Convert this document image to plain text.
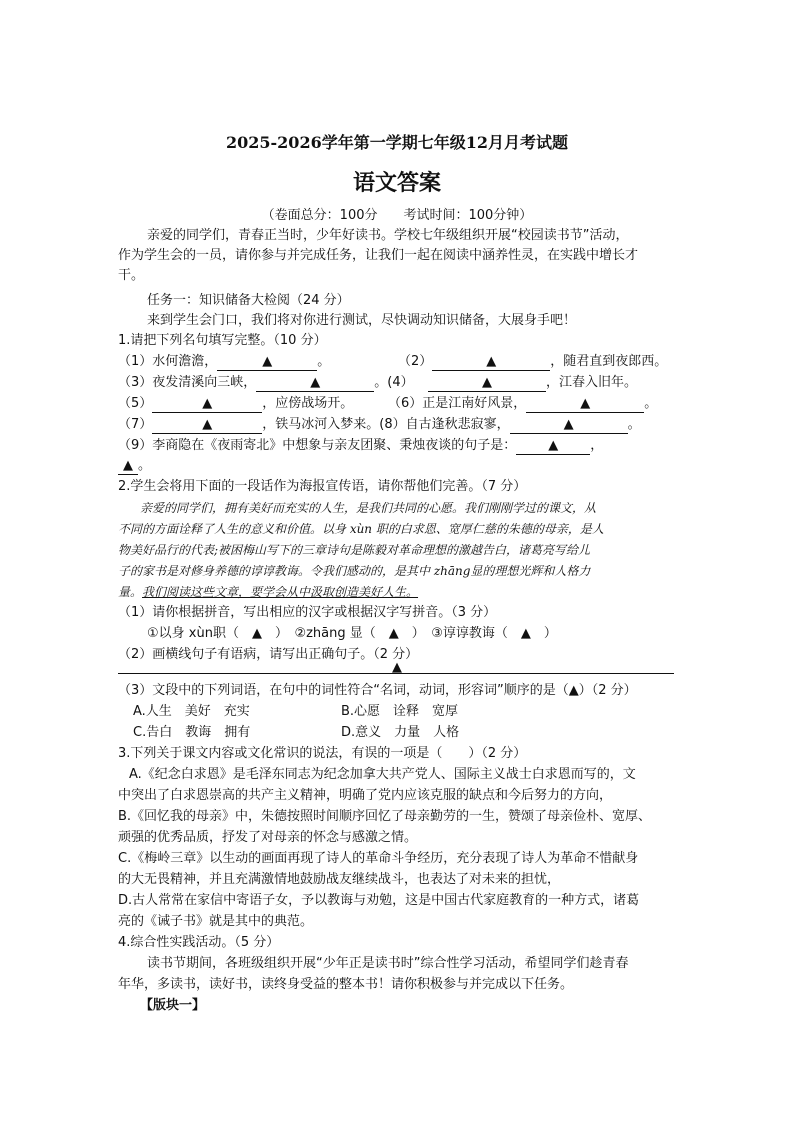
2025-2026学年第一学期七年级12月月考试题
语文答案
（卷面总分：100分　　考试时间：100分钟）
亲爱的同学们，青春正当时，少年好读书。学校七年级组织开展“校园读书节”活动，
作为学生会的一员，请你参与并完成任务，让我们一起在阅读中涵养性灵，在实践中增长才
干。
任务一：知识储备大检阅（24 分）
来到学生会门口，我们将对你进行测试，尽快调动知识储备，大展身手吧！
1.请把下列名句填写完整。（10 分）
（1）水何澹澹，	▲	。	（2）	▲	，随君直到夜郎西。
（3）夜发清溪向三峡，	▲	。(4）	▲	，江春入旧年。
（5）	▲	，应傍战场开。	（6）正是江南好风景，	▲	。
（7）	▲	，铁马冰河入梦来。(8）自古逢秋悲寂寥，	▲	。
（9）李商隐在《夜雨寄北》中想象与亲友团聚、秉烛夜谈的句子是： ▲ ，
▲ 。
2.学生会将用下面的一段话作为海报宣传语，请你帮他们完善。（7 分）
亲爱的同学们，拥有美好而充实的人生，是我们共同的心愿。我们刚刚学过的课文，从
不同的方面诠释了人生的意义和价值。以身 xùn 职的白求恩、宽厚仁慈的朱德的母亲，是人
物美好品行的代表;被困梅山写下的三章诗句是陈毅对革命理想的激越告白，诸葛亮写给儿
子的家书是对修身养德的谆谆教诲。令我们感动的，是其中 zhāng显的理想光辉和人格力
量。我们阅读这些文章，要学会从中汲取创造美好人生。
（1）请你根据拼音，写出相应的汉字或根据汉字写拼音。（3 分）
①以身 xùn职（　▲　）　②zhāng 显（　▲　）　③谆谆教诲（　▲　）
（2）画横线句子有语病，请写出正确句子。（2 分）
▲
（3）文段中的下列词语，在句中的词性符合“名词，动词，形容词”顺序的是（▲）（2 分）
A.人生　美好　充实	B.心愿　诠释　宽厚
C.告白　教诲　拥有	D.意义　力量　人格
3.下列关于课文内容或文化常识的说法，有误的一项是（　　）（2 分）
A.《纪念白求恩》是毛泽东同志为纪念加拿大共产党人、国际主义战士白求恩而写的，文
中突出了白求恩崇高的共产主义精神，明确了党内应该克服的缺点和今后努力的方向，
B.《回忆我的母亲》中，朱德按照时间顺序回忆了母亲勤劳的一生，赞颂了母亲俭朴、宽厚、
顽强的优秀品质，抒发了对母亲的怀念与感激之情。
C.《梅岭三章》以生动的画面再现了诗人的革命斗争经历，充分表现了诗人为革命不惜献身
的大无畏精神，并且充满激情地鼓励战友继续战斗，也表达了对未来的担忧，
D.古人常常在家信中寄语子女，予以教诲与劝勉，这是中国古代家庭教育的一种方式，诸葛
亮的《诫子书》就是其中的典范。
4.综合性实践活动。（5 分）
读书节期间，各班级组织开展“少年正是读书时”综合性学习活动，希望同学们趁青春
年华，多读书，读好书，读终身受益的整本书！请你积极参与并完成以下任务。
【版块一】
